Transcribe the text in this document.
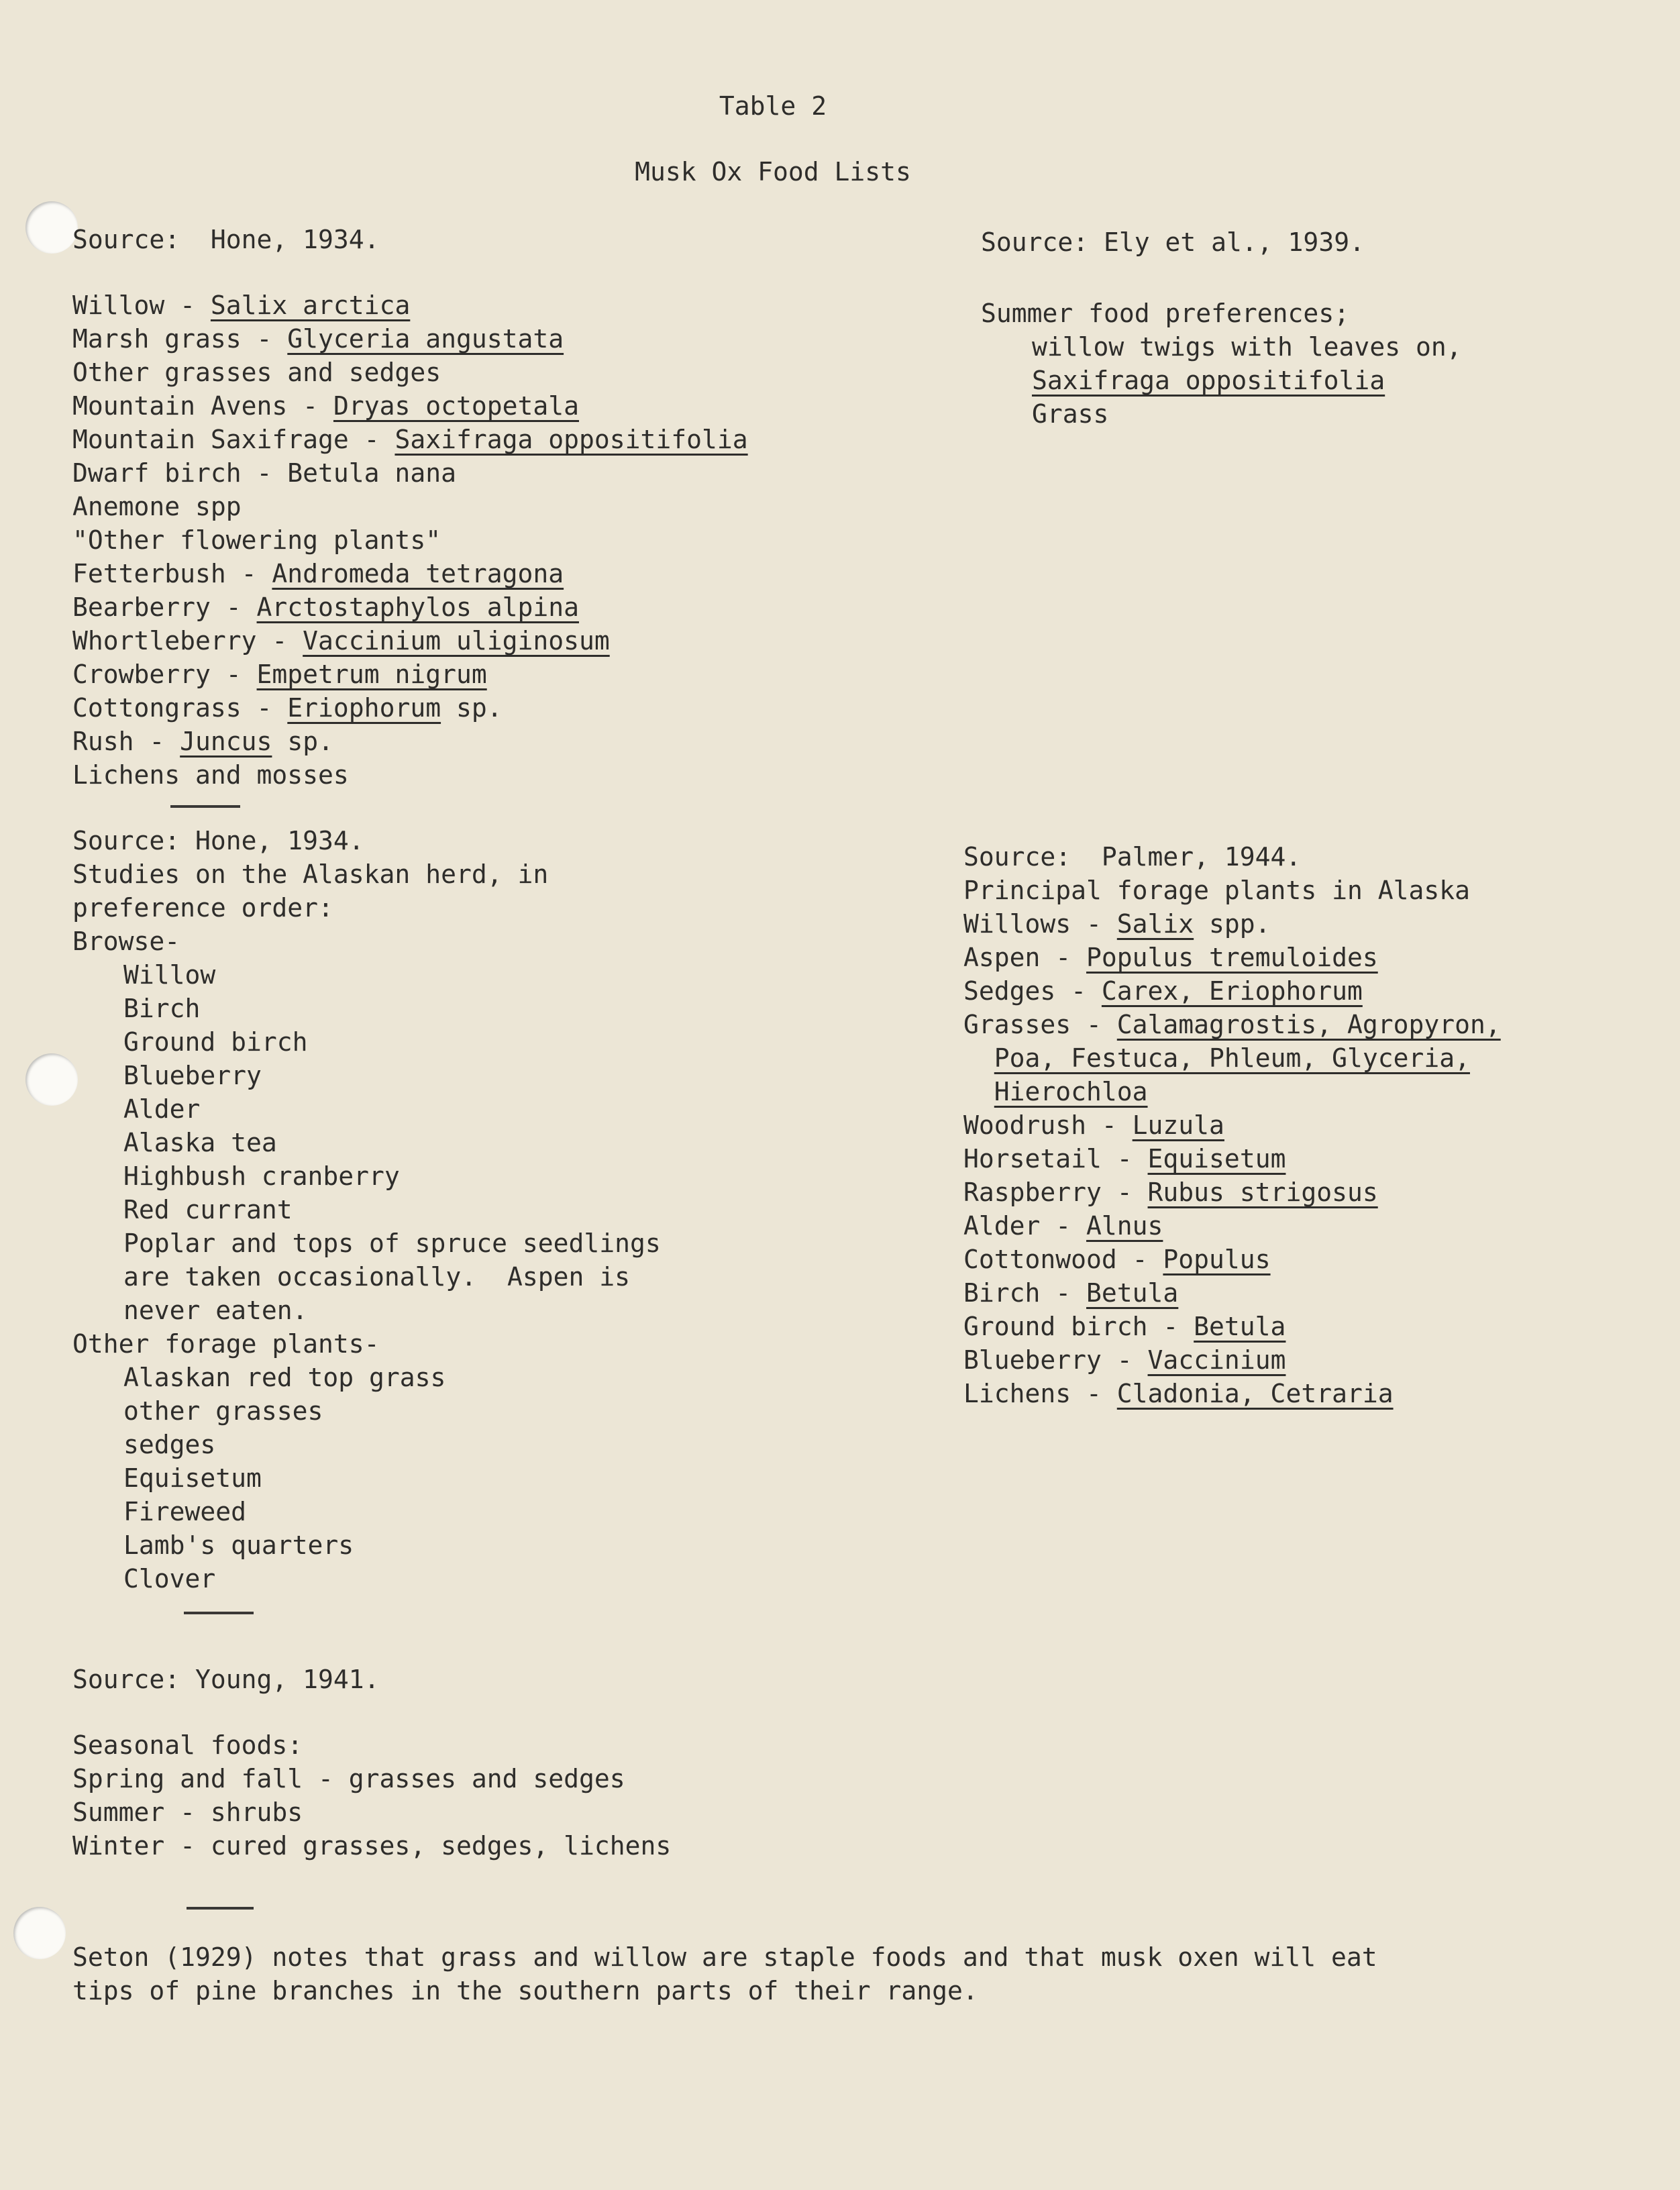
Table 2
Musk Ox Food Lists
Source:  Hone, 1934.
Willow - Salix arctica
Marsh grass - Glyceria angustata
Other grasses and sedges
Mountain Avens - Dryas octopetala
Mountain Saxifrage - Saxifraga oppositifolia
Dwarf birch - Betula nana
Anemone spp
"Other flowering plants"
Fetterbush - Andromeda tetragona
Bearberry - Arctostaphylos alpina
Whortleberry - Vaccinium uliginosum
Crowberry - Empetrum nigrum
Cottongrass - Eriophorum sp.
Rush - Juncus sp.
Lichens and mosses
Source: Ely et al., 1939.
Summer food preferences;
willow twigs with leaves on,
Saxifraga oppositifolia
Grass
Source: Hone, 1934.
Studies on the Alaskan herd, in
preference order:
Browse-
Willow
Birch
Ground birch
Blueberry
Alder
Alaska tea
Highbush cranberry
Red currant
Poplar and tops of spruce seedlings
are taken occasionally.  Aspen is
never eaten.
Other forage plants-
Alaskan red top grass
other grasses
sedges
Equisetum
Fireweed
Lamb's quarters
Clover
Source:  Palmer, 1944.
Principal forage plants in Alaska
Willows - Salix spp.
Aspen - Populus tremuloides
Sedges - Carex, Eriophorum
Grasses - Calamagrostis, Agropyron,
Poa, Festuca, Phleum, Glyceria,
Hierochloa
Woodrush - Luzula
Horsetail - Equisetum
Raspberry - Rubus strigosus
Alder - Alnus
Cottonwood - Populus
Birch - Betula
Ground birch - Betula
Blueberry - Vaccinium
Lichens - Cladonia, Cetraria
Source: Young, 1941.
Seasonal foods:
Spring and fall - grasses and sedges
Summer - shrubs
Winter - cured grasses, sedges, lichens
Seton (1929) notes that grass and willow are staple foods and that musk oxen will eat
tips of pine branches in the southern parts of their range.
